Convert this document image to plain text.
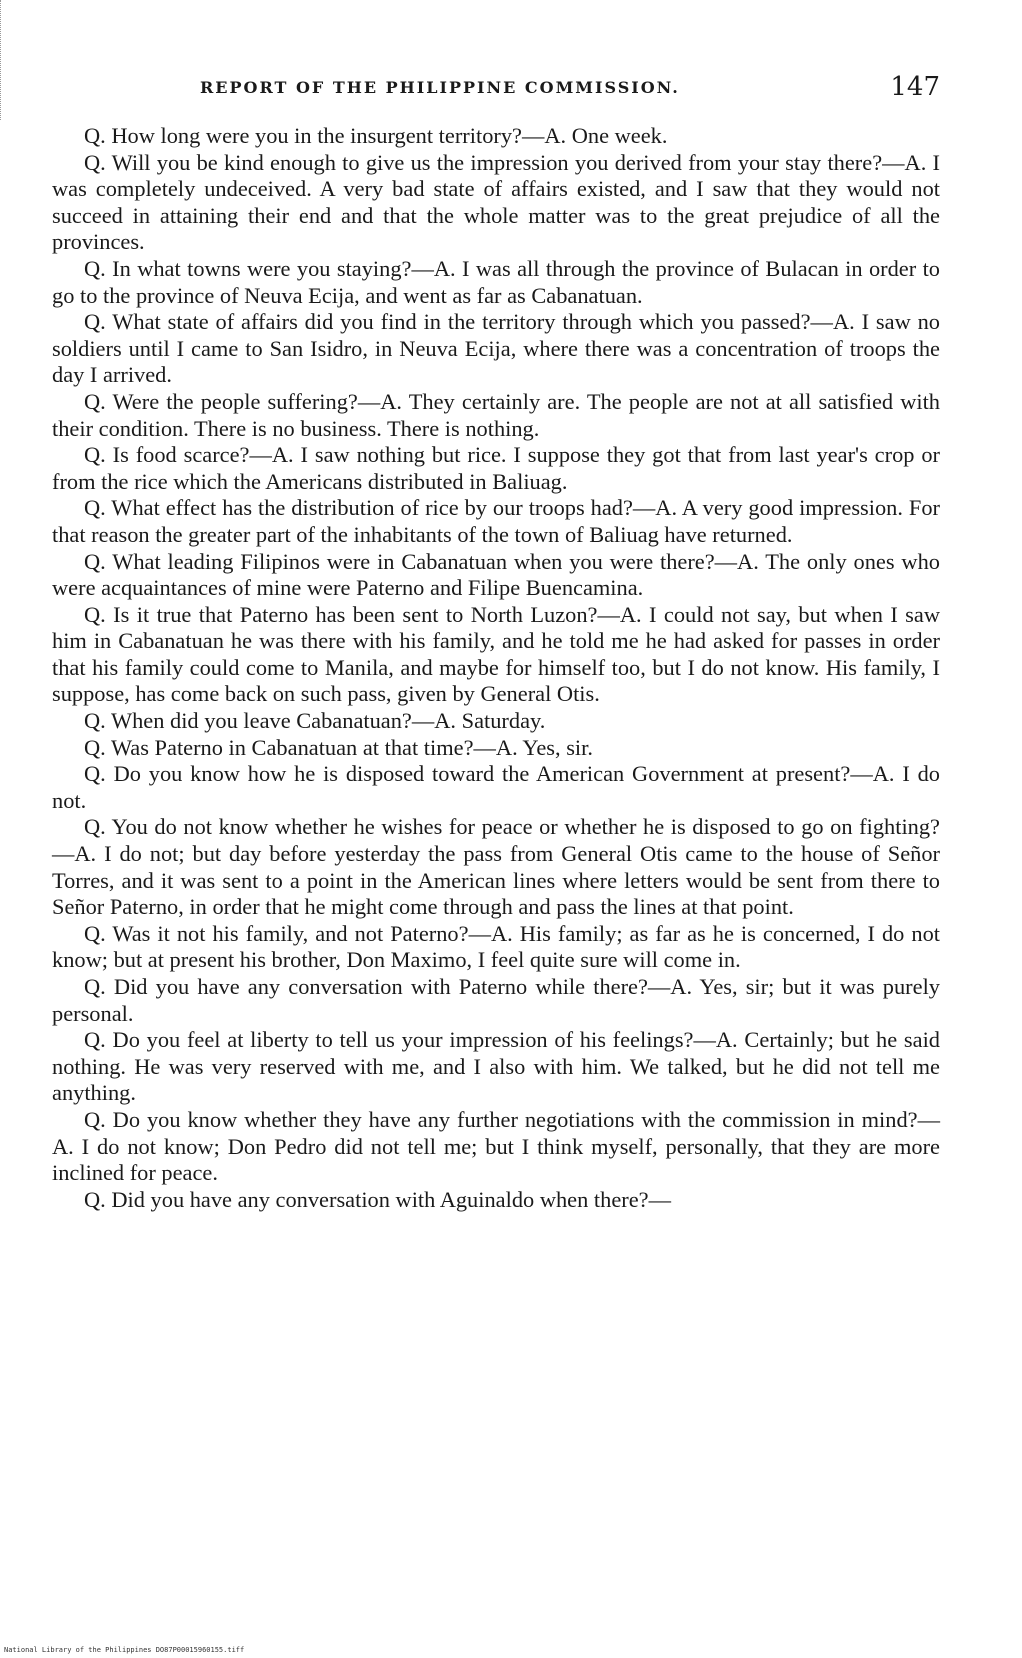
REPORT OF THE PHILIPPINE COMMISSION.	147

Q. How long were you in the insurgent territory?—A. One week.

Q. Will you be kind enough to give us the impression you derived from your stay there?—A. I was completely undeceived. A very bad state of affairs existed, and I saw that they would not succeed in attaining their end and that the whole matter was to the great prejudice of all the provinces.

Q. In what towns were you staying?—A. I was all through the province of Bulacan in order to go to the province of Neuva Ecija, and went as far as Cabanatuan.

Q. What state of affairs did you find in the territory through which you passed?—A. I saw no soldiers until I came to San Isidro, in Neuva Ecija, where there was a concentration of troops the day I arrived.

Q. Were the people suffering?—A. They certainly are. The people are not at all satisfied with their condition. There is no business. There is nothing.

Q. Is food scarce?—A. I saw nothing but rice. I suppose they got that from last year's crop or from the rice which the Americans distributed in Baliuag.

Q. What effect has the distribution of rice by our troops had?—A. A very good impression. For that reason the greater part of the inhabitants of the town of Baliuag have returned.

Q. What leading Filipinos were in Cabanatuan when you were there?—A. The only ones who were acquaintances of mine were Paterno and Filipe Buencamina.

Q. Is it true that Paterno has been sent to North Luzon?—A. I could not say, but when I saw him in Cabanatuan he was there with his family, and he told me he had asked for passes in order that his family could come to Manila, and maybe for himself too, but I do not know. His family, I suppose, has come back on such pass, given by General Otis.

Q. When did you leave Cabanatuan?—A. Saturday.

Q. Was Paterno in Cabanatuan at that time?—A. Yes, sir.

Q. Do you know how he is disposed toward the American Government at present?—A. I do not.

Q. You do not know whether he wishes for peace or whether he is disposed to go on fighting?—A. I do not; but day before yesterday the pass from General Otis came to the house of Señor Torres, and it was sent to a point in the American lines where letters would be sent from there to Señor Paterno, in order that he might come through and pass the lines at that point.

Q. Was it not his family, and not Paterno?—A. His family; as far as he is concerned, I do not know; but at present his brother, Don Maximo, I feel quite sure will come in.

Q. Did you have any conversation with Paterno while there?—A. Yes, sir; but it was purely personal.

Q. Do you feel at liberty to tell us your impression of his feelings?—A. Certainly; but he said nothing. He was very reserved with me, and I also with him. We talked, but he did not tell me anything.

Q. Do you know whether they have any further negotiations with the commission in mind?—A. I do not know; Don Pedro did not tell me; but I think myself, personally, that they are more inclined for peace.

Q. Did you have any conversation with Aguinaldo when there?—

National Library of the Philippines DO87P00015960155.tiff
